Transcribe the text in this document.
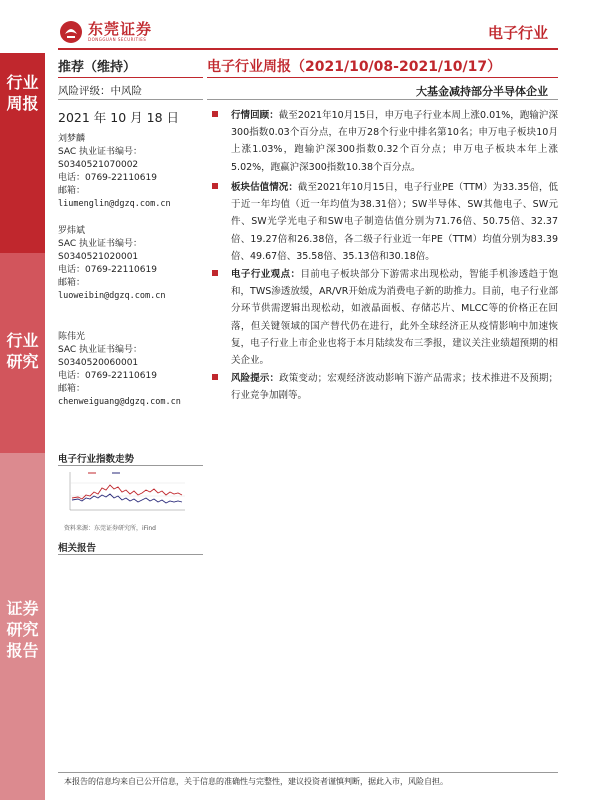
东莞证券
DONGGUAN SECURITIES	电子行业
行业周报
行业研究
证券研究报告
推荐（维持）
风险评级：中风险
2021 年 10 月 18 日
刘梦麟
SAC 执业证书编号：
S0340521070002
电话：0769-22110619
邮箱：
liumenglin@dgzq.com.cn
罗炜斌
SAC 执业证书编号：
S0340521020001
电话：0769-22110619
邮箱：
luoweibin@dgzq.com.cn
陈伟光
SAC 执业证书编号：
S0340520060001
电话：0769-22110619
邮箱：
chenweiguang@dgzq.com.cn
电子行业指数走势
资料来源：东莞证券研究所，iFind
相关报告
电子行业周报（2021/10/08-2021/10/17）
大基金减持部分半导体企业
行情回顾：截至2021年10月15日，申万电子行业本周上涨0.01%，跑输沪深300指数0.03个百分点，在申万28个行业中排名第10名；申万电子板块10月上涨1.03%，跑输沪深300指数0.32个百分点；申万电子板块本年上涨5.02%，跑赢沪深300指数10.38个百分点。
板块估值情况：截至2021年10月15日，电子行业PE（TTM）为33.35倍，低于近一年均值（近一年均值为38.31倍）；SW半导体、SW其他电子、SW元件、SW光学光电子和SW电子制造估值分别为71.76倍、50.75倍、32.37倍、19.27倍和26.38倍，各二级子行业近一年PE（TTM）均值分别为83.39倍、49.67倍、35.58倍、35.13倍和30.18倍。
电子行业观点：目前电子板块部分下游需求出现松动，智能手机渗透趋于饱和，TWS渗透放缓，AR/VR开始成为消费电子新的助推力。目前，电子行业部分环节供需逻辑出现松动，如液晶面板、存储芯片、MLCC等的价格正在回落，但关键领域的国产替代仍在进行，此外全球经济正从疫情影响中加速恢复，电子行业上市企业也将于本月陆续发布三季报，建议关注业绩超预期的相关企业。
风险提示：政策变动；宏观经济波动影响下游产品需求；技术推进不及预期；行业竞争加剧等。
本报告的信息均来自已公开信息，关于信息的准确性与完整性，建议投资者谨慎判断，据此入市，风险自担。
